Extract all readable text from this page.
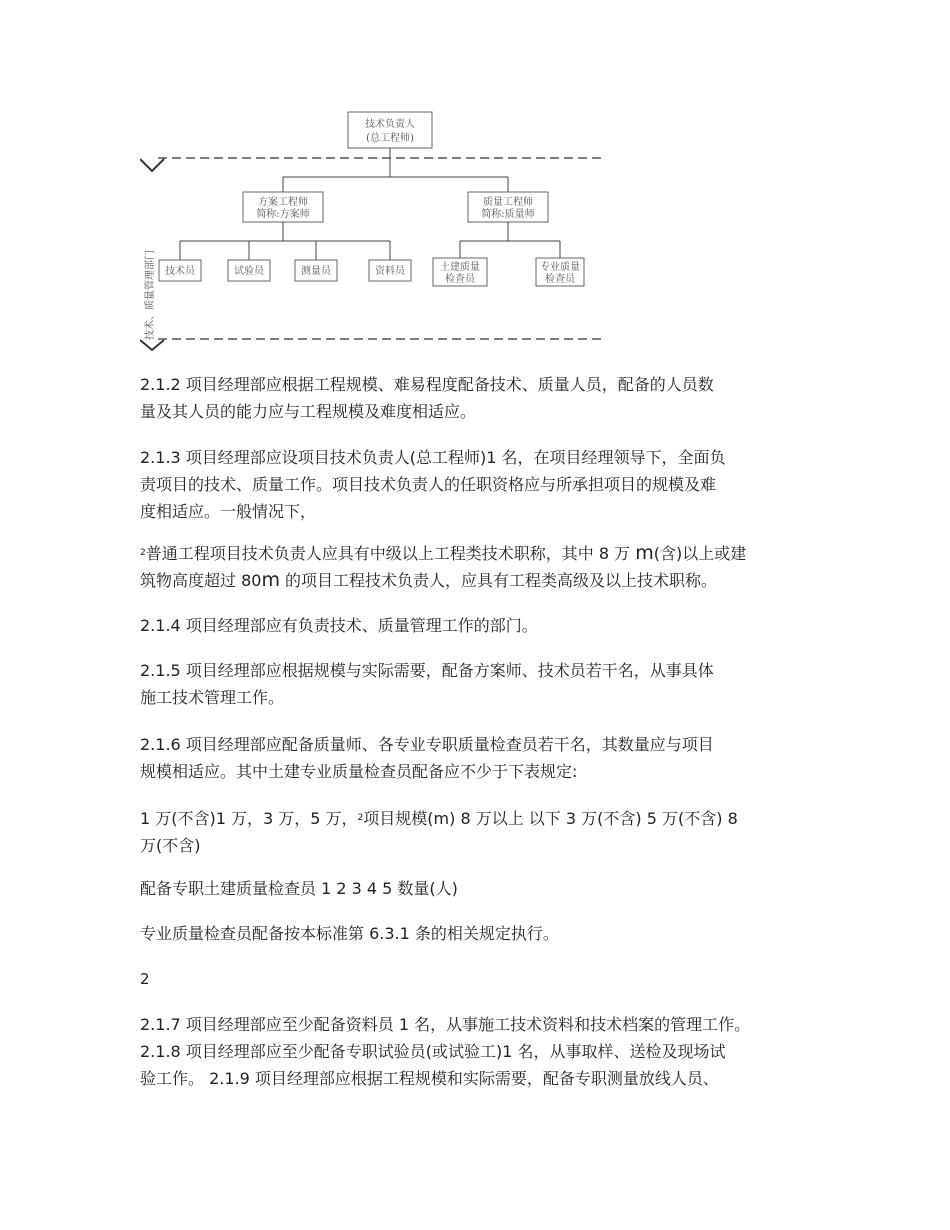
技术负责人
(总工程师)
方案工程师
简称:方案师
质量工程师
简称:质量师
技术员	试验员	测量员	资料员	土建质量
检查员
专业质量
检查员
技术、质量管理部门

2.1.2 项目经理部应根据工程规模、难易程度配备技术、质量人员，配备的人员数
量及其人员的能力应与工程规模及难度相适应。

2.1.3 项目经理部应设项目技术负责人(总工程师)1 名，在项目经理领导下，全面负
责项目的技术、质量工作。项目技术负责人的任职资格应与所承担项目的规模及难
度相适应。一般情况下，

$^2$普通工程项目技术负责人应具有中级以上工程类技术职称，其中 8 万 m(含)以上或建
筑物高度超过 80m 的项目工程技术负责人，应具有工程类高级及以上技术职称。

2.1.4 项目经理部应有负责技术、质量管理工作的部门。

2.1.5 项目经理部应根据规模与实际需要，配备方案师、技术员若干名，从事具体
施工技术管理工作。

2.1.6 项目经理部应配备质量师、各专业专职质量检查员若干名，其数量应与项目
规模相适应。其中土建专业质量检查员配备应不少于下表规定:

1 万(不含)1 万，3 万，5 万，$^2$项目规模(m) 8 万以上 以下 3 万(不含) 5 万(不含) 8
万(不含)

配备专职土建质量检查员 1 2 3 4 5 数量(人)

专业质量检查员配备按本标准第 6.3.1 条的相关规定执行。

2

2.1.7 项目经理部应至少配备资料员 1 名，从事施工技术资料和技术档案的管理工作。
2.1.8 项目经理部应至少配备专职试验员(或试验工)1 名，从事取样、送检及现场试
验工作。 2.1.9 项目经理部应根据工程规模和实际需要，配备专职测量放线人员、
